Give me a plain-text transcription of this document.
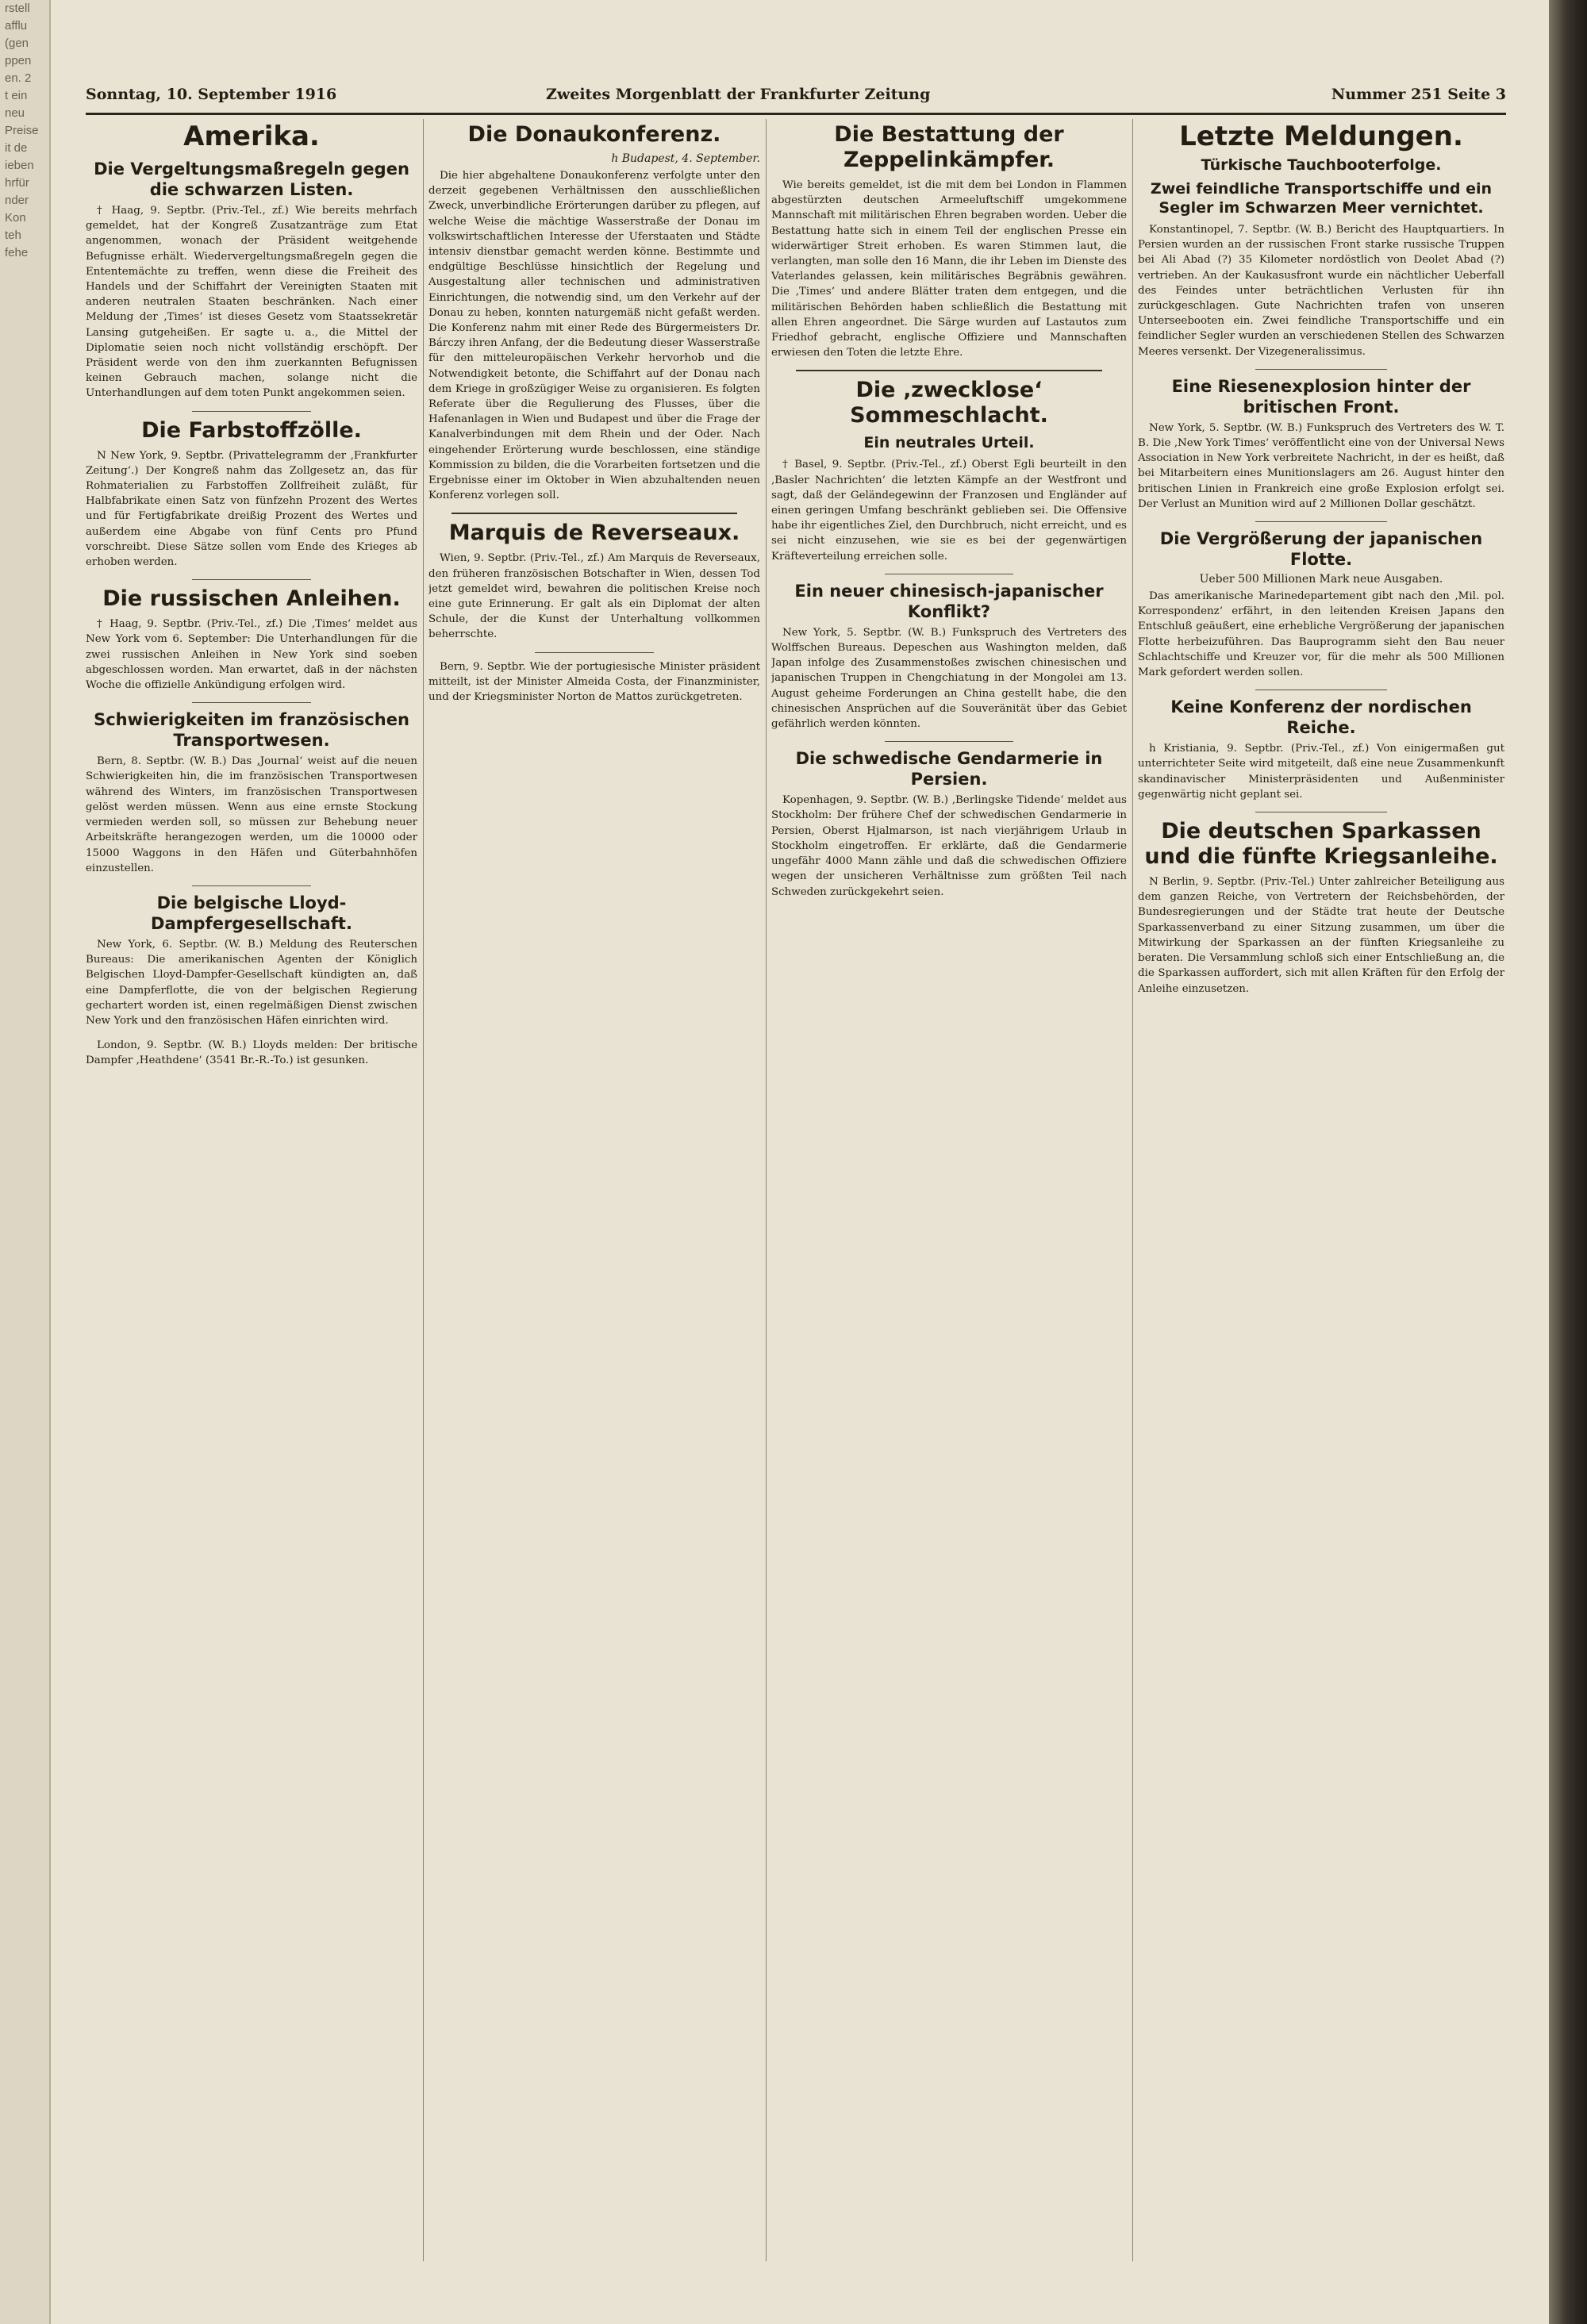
rstell
afflu
(gen
ppen
en. 2
t ein
neu
Preise
it de
ieben
hrfür
nder
Kon
teh
fehe
Sonntag, 10. September 1916	Zweites Morgenblatt der Frankfurter Zeitung	Nummer 251 Seite 3
Amerika.
Die Vergeltungsmaßregeln gegen die schwarzen Listen.

† Haag, 9. Septbr. (Priv.-Tel., zf.) Wie bereits mehrfach gemeldet, hat der Kongreß Zusatzanträge zum Etat angenommen, wonach der Präsident weitgehende Befugnisse erhält. Wiedervergeltungsmaßregeln gegen die Ententemächte zu treffen, wenn diese die Freiheit des Handels und der Schiffahrt der Vereinigten Staaten mit anderen neutralen Staaten beschränken. Nach einer Meldung der ‚Times‘ ist dieses Gesetz vom Staatssekretär Lansing gutgeheißen. Er sagte u. a., die Mittel der Diplomatie seien noch nicht vollständig erschöpft. Der Präsident werde von den ihm zuerkannten Befugnissen keinen Gebrauch machen, solange nicht die Unterhandlungen auf dem toten Punkt angekommen seien.

Die Farbstoffzölle.

N New York, 9. Septbr. (Privattelegramm der ‚Frankfurter Zeitung‘.) Der Kongreß nahm das Zollgesetz an, das für Rohmaterialien zu Farbstoffen Zollfreiheit zuläßt, für Halbfabrikate einen Satz von fünfzehn Prozent des Wertes und für Fertigfabrikate dreißig Prozent des Wertes und außerdem eine Abgabe von fünf Cents pro Pfund vorschreibt. Diese Sätze sollen vom Ende des Krieges ab erhoben werden.

Die russischen Anleihen.

† Haag, 9. Septbr. (Priv.-Tel., zf.) Die ‚Times‘ meldet aus New York vom 6. September: Die Unterhandlungen für die zwei russischen Anleihen in New York sind soeben abgeschlossen worden. Man erwartet, daß in der nächsten Woche die offizielle Ankündigung erfolgen wird.

Schwierigkeiten im französischen Transportwesen.

Bern, 8. Septbr. (W. B.) Das ‚Journal‘ weist auf die neuen Schwierigkeiten hin, die im französischen Transportwesen während des Winters, im französischen Transportwesen gelöst werden müssen. Wenn aus eine ernste Stockung vermieden werden soll, so müssen zur Behebung neuer Arbeitskräfte herangezogen werden, um die 10000 oder 15000 Waggons in den Häfen und Güterbahnhöfen einzustellen.

Die belgische Lloyd-Dampfergesellschaft.

New York, 6. Septbr. (W. B.) Meldung des Reuterschen Bureaus: Die amerikanischen Agenten der Königlich Belgischen Lloyd-Dampfer-Gesellschaft kündigten an, daß eine Dampferflotte, die von der belgischen Regierung gechartert worden ist, einen regelmäßigen Dienst zwischen New York und den französischen Häfen einrichten wird.

London, 9. Septbr. (W. B.) Lloyds melden: Der britische Dampfer ‚Heathdene‘ (3541 Br.-R.-To.) ist gesunken.

Die Donaukonferenz.
h Budapest, 4. September.

Die hier abgehaltene Donaukonferenz verfolgte unter den derzeit gegebenen Verhältnissen den ausschließlichen Zweck, unverbindliche Erörterungen darüber zu pflegen, auf welche Weise die mächtige Wasserstraße der Donau im volkswirtschaftlichen Interesse der Uferstaaten und Städte intensiv dienstbar gemacht werden könne. Bestimmte und endgültige Beschlüsse hinsichtlich der Regelung und Ausgestaltung aller technischen und administrativen Einrichtungen, die notwendig sind, um den Verkehr auf der Donau zu heben, konnten naturgemäß nicht gefaßt werden. Die Konferenz nahm mit einer Rede des Bürgermeisters Dr. Bárczy ihren Anfang, der die Bedeutung dieser Wasserstraße für den mitteleuropäischen Verkehr hervorhob und die Notwendigkeit betonte, die Schiffahrt auf der Donau nach dem Kriege in großzügiger Weise zu organisieren. Es folgten Referate über die Regulierung des Flusses, über die Hafenanlagen in Wien und Budapest und über die Frage der Kanalverbindungen mit dem Rhein und der Oder. Nach eingehender Erörterung wurde beschlossen, eine ständige Kommission zu bilden, die die Vorarbeiten fortsetzen und die Ergebnisse einer im Oktober in Wien abzuhaltenden neuen Konferenz vorlegen soll.

Marquis de Reverseaux.

Wien, 9. Septbr. (Priv.-Tel., zf.) Am Marquis de Reverseaux, den früheren französischen Botschafter in Wien, dessen Tod jetzt gemeldet wird, bewahren die politischen Kreise noch eine gute Erinnerung. Er galt als ein Diplomat der alten Schule, der die Kunst der Unterhaltung vollkommen beherrschte.

Bern, 9. Septbr. Wie der portugiesische Minister präsident mitteilt, ist der Minister Almeida Costa, der Finanzminister, und der Kriegsminister Norton de Mattos zurückgetreten.

Die Bestattung der Zeppelinkämpfer.

Wie bereits gemeldet, ist die mit dem bei London in Flammen abgestürzten deutschen Armeeluftschiff umgekommene Mannschaft mit militärischen Ehren begraben worden. Ueber die Bestattung hatte sich in einem Teil der englischen Presse ein widerwärtiger Streit erhoben. Es waren Stimmen laut, die verlangten, man solle den 16 Mann, die ihr Leben im Dienste des Vaterlandes gelassen, kein militärisches Begräbnis gewähren. Die ‚Times‘ und andere Blätter traten dem entgegen, und die militärischen Behörden haben schließlich die Bestattung mit allen Ehren angeordnet. Die Särge wurden auf Lastautos zum Friedhof gebracht, englische Offiziere und Mannschaften erwiesen den Toten die letzte Ehre.

Die ‚zwecklose‘ Sommeschlacht.
Ein neutrales Urteil.

† Basel, 9. Septbr. (Priv.-Tel., zf.) Oberst Egli beurteilt in den ‚Basler Nachrichten‘ die letzten Kämpfe an der Westfront und sagt, daß der Geländegewinn der Franzosen und Engländer auf einen geringen Umfang beschränkt geblieben sei. Die Offensive habe ihr eigentliches Ziel, den Durchbruch, nicht erreicht, und es sei nicht einzusehen, wie sie es bei der gegenwärtigen Kräfteverteilung erreichen solle.

Ein neuer chinesisch-japanischer Konflikt?

New York, 5. Septbr. (W. B.) Funkspruch des Vertreters des Wolffschen Bureaus. Depeschen aus Washington melden, daß Japan infolge des Zusammenstoßes zwischen chinesischen und japanischen Truppen in Chengchiatung in der Mongolei am 13. August geheime Forderungen an China gestellt habe, die den chinesischen Ansprüchen auf die Souveränität über das Gebiet gefährlich werden könnten.

Die schwedische Gendarmerie in Persien.

Kopenhagen, 9. Septbr. (W. B.) ‚Berlingske Tidende‘ meldet aus Stockholm: Der frühere Chef der schwedischen Gendarmerie in Persien, Oberst Hjalmarson, ist nach vierjährigem Urlaub in Stockholm eingetroffen. Er erklärte, daß die Gendarmerie ungefähr 4000 Mann zähle und daß die schwedischen Offiziere wegen der unsicheren Verhältnisse zum größten Teil nach Schweden zurückgekehrt seien.

Letzte Meldungen.
Türkische Tauchbooterfolge.
Zwei feindliche Transportschiffe und ein Segler im Schwarzen Meer vernichtet.

Konstantinopel, 7. Septbr. (W. B.) Bericht des Hauptquartiers. In Persien wurden an der russischen Front starke russische Truppen bei Ali Abad (?) 35 Kilometer nordöstlich von Deolet Abad (?) vertrieben. An der Kaukasusfront wurde ein nächtlicher Ueberfall des Feindes unter beträchtlichen Verlusten für ihn zurückgeschlagen. Gute Nachrichten trafen von unseren Unterseebooten ein. Zwei feindliche Transportschiffe und ein feindlicher Segler wurden an verschiedenen Stellen des Schwarzen Meeres versenkt. Der Vizegeneralissimus.

Eine Riesenexplosion hinter der britischen Front.

New York, 5. Septbr. (W. B.) Funkspruch des Vertreters des W. T. B. Die ‚New York Times‘ veröffentlicht eine von der Universal News Association in New York verbreitete Nachricht, in der es heißt, daß bei Mitarbeitern eines Munitionslagers am 26. August hinter den britischen Linien in Frankreich eine große Explosion erfolgt sei. Der Verlust an Munition wird auf 2 Millionen Dollar geschätzt.

Die Vergrößerung der japanischen Flotte.
Ueber 500 Millionen Mark neue Ausgaben.

Das amerikanische Marinedepartement gibt nach den ‚Mil. pol. Korrespondenz‘ erfährt, in den leitenden Kreisen Japans den Entschluß geäußert, eine erhebliche Vergrößerung der japanischen Flotte herbeizuführen. Das Bauprogramm sieht den Bau neuer Schlachtschiffe und Kreuzer vor, für die mehr als 500 Millionen Mark gefordert werden sollen.

Keine Konferenz der nordischen Reiche.

h Kristiania, 9. Septbr. (Priv.-Tel., zf.) Von einigermaßen gut unterrichteter Seite wird mitgeteilt, daß eine neue Zusammenkunft skandinavischer Ministerpräsidenten und Außenminister gegenwärtig nicht geplant sei.

Die deutschen Sparkassen und die fünfte Kriegsanleihe.

N Berlin, 9. Septbr. (Priv.-Tel.) Unter zahlreicher Beteiligung aus dem ganzen Reiche, von Vertretern der Reichsbehörden, der Bundesregierungen und der Städte trat heute der Deutsche Sparkassenverband zu einer Sitzung zusammen, um über die Mitwirkung der Sparkassen an der fünften Kriegsanleihe zu beraten. Die Versammlung schloß sich einer Entschließung an, die die Sparkassen auffordert, sich mit allen Kräften für den Erfolg der Anleihe einzusetzen.
